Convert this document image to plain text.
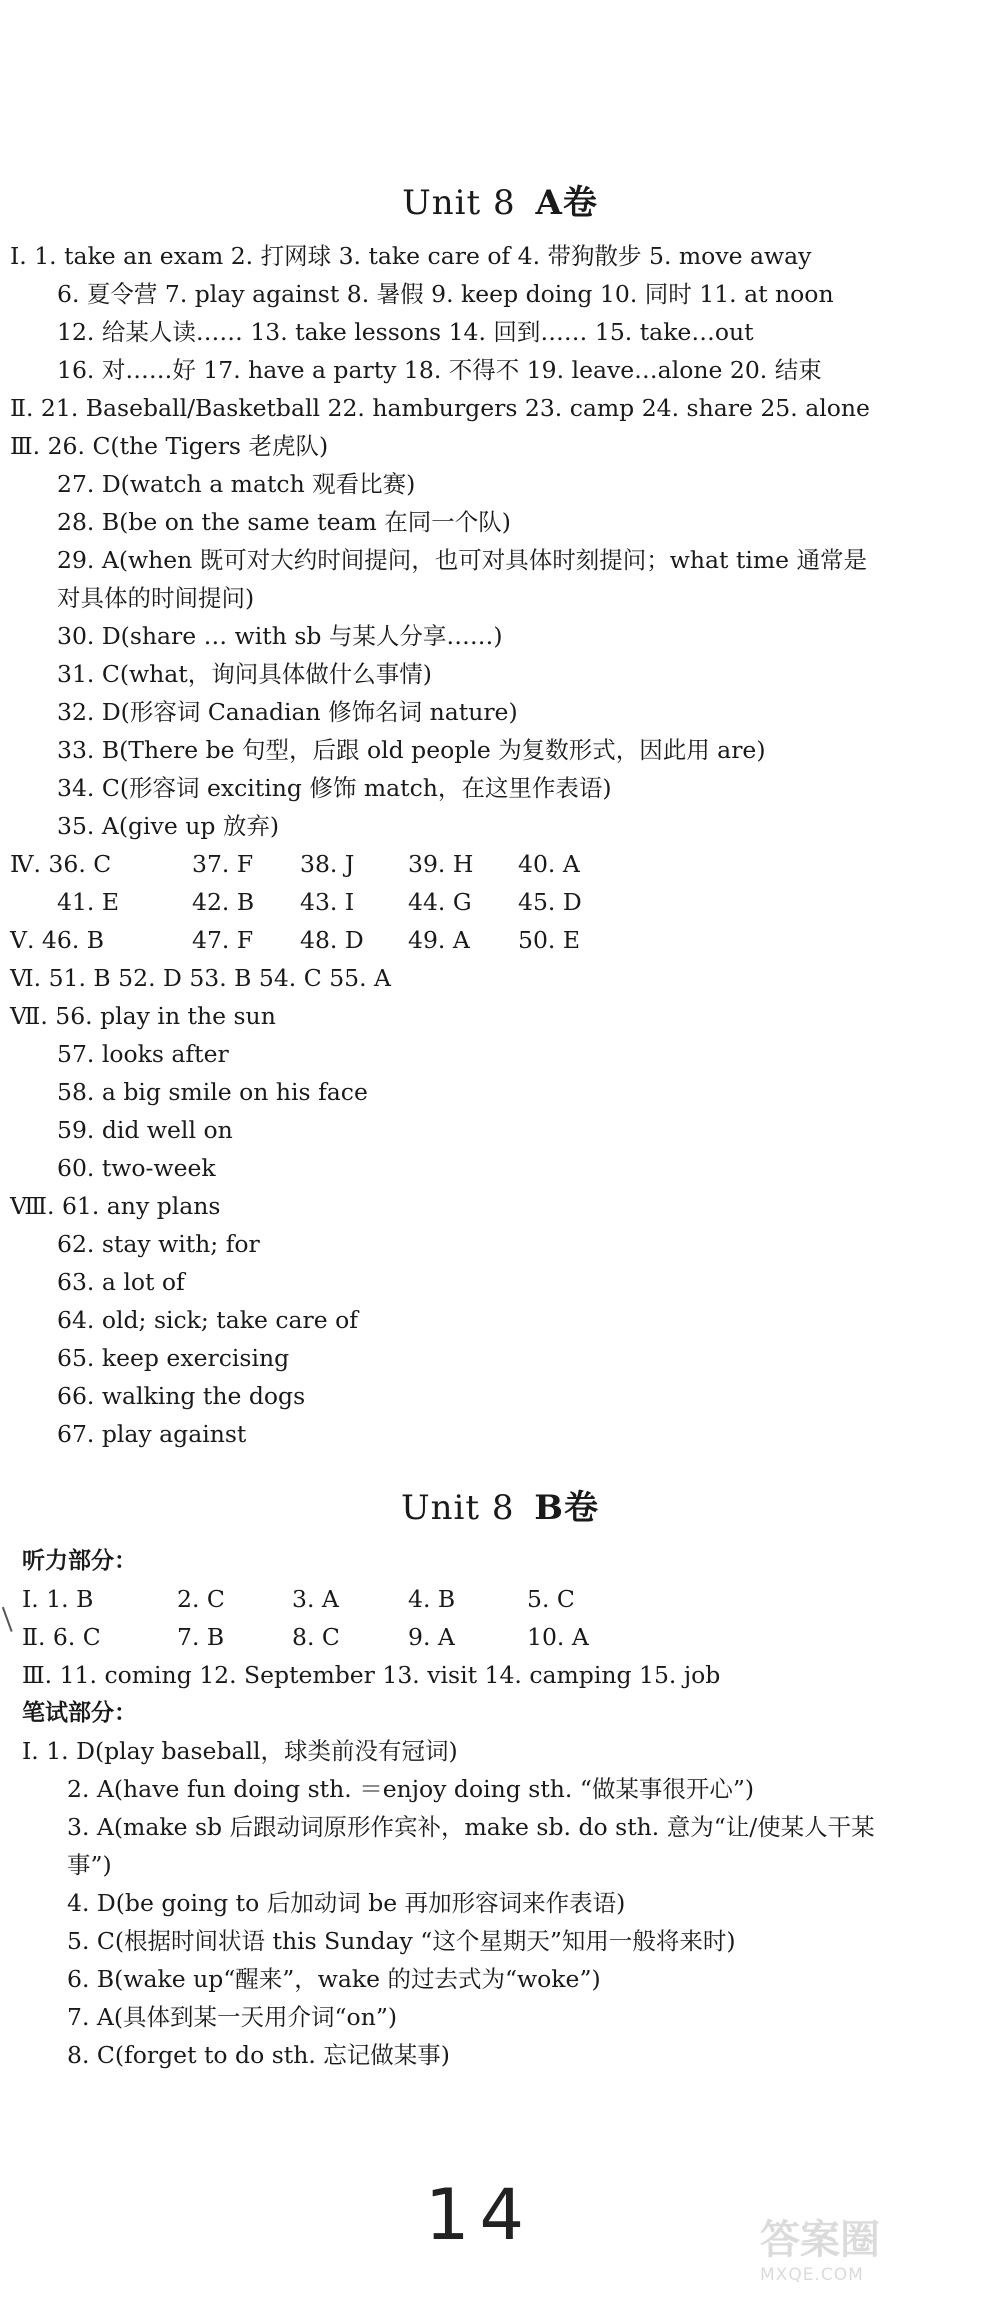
Unit 8 A卷
Ⅰ. 1. take an exam 2. 打网球 3. take care of 4. 带狗散步 5. move away
6. 夏令营 7. play against 8. 暑假 9. keep doing 10. 同时 11. at noon
12. 给某人读…… 13. take lessons 14. 回到…… 15. take…out
16. 对……好 17. have a party 18. 不得不 19. leave…alone 20. 结束
Ⅱ. 21. Baseball/Basketball 22. hamburgers 23. camp 24. share 25. alone
Ⅲ. 26. C(the Tigers 老虎队)
27. D(watch a match 观看比赛)
28. B(be on the same team 在同一个队)
29. A(when 既可对大约时间提问，也可对具体时刻提问；what time 通常是
对具体的时间提问)
30. D(share … with sb 与某人分享……)
31. C(what，询问具体做什么事情)
32. D(形容词 Canadian 修饰名词 nature)
33. B(There be 句型，后跟 old people 为复数形式，因此用 are)
34. C(形容词 exciting 修饰 match，在这里作表语)
35. A(give up 放弃)
Ⅳ. 36. C	37. F 38. J 39. H 40. A
41. E	42. B 43. I 44. G 45. D
Ⅴ. 46. B	47. F 48. D 49. A 50. E
Ⅵ. 51. B 52. D 53. B 54. C 55. A
Ⅶ. 56. play in the sun
57. looks after
58. a big smile on his face
59. did well on
60. two-week
Ⅷ. 61. any plans
62. stay with; for
63. a lot of
64. old; sick; take care of
65. keep exercising
66. walking the dogs
67. play against
Unit 8 B卷
听力部分：
Ⅰ. 1. B	2. C	3. A	4. B	5. C
Ⅱ. 6. C	7. B	8. C	9. A	10. A
Ⅲ. 11. coming 12. September 13. visit 14. camping 15. job
笔试部分：
Ⅰ. 1. D(play baseball，球类前没有冠词)
2. A(have fun doing sth. ＝enjoy doing sth. “做某事很开心”)
3. A(make sb 后跟动词原形作宾补，make sb. do sth. 意为“让/使某人干某
事”)
4. D(be going to 后加动词 be 再加形容词来作表语)
5. C(根据时间状语 this Sunday “这个星期天”知用一般将来时)
6. B(wake up“醒来”，wake 的过去式为“woke”)
7. A(具体到某一天用介词“on”)
8. C(forget to do sth. 忘记做某事)
14	答案圈
MXQE.COM
